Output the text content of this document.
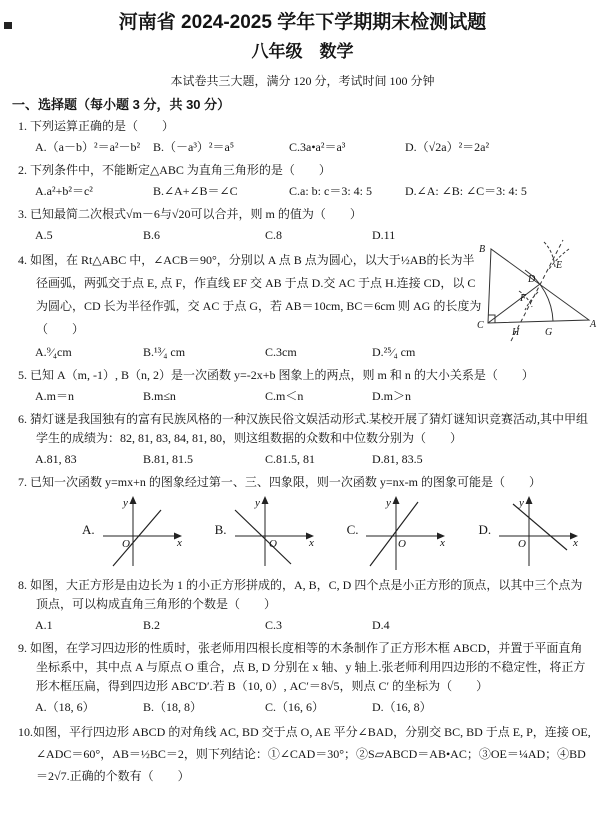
河南省 2024-2025 学年下学期期末检测试题
八年级　数学

本试卷共三大题，满分 120 分，考试时间 100 分钟

一、选择题（每小题 3 分，共 30 分）

1. 下列运算正确的是（　　）

A.（a－b）²＝a²－b²	B.（－a³）²＝a⁵	C.3a•a²＝a³	D.（√2a）²＝2a²

2. 下列条件中，不能断定△ABC 为直角三角形的是（　　）

A.a²+b²＝c²	B.∠A+∠B＝∠C	C.a: b: c＝3: 4: 5	D.∠A: ∠B: ∠C＝3: 4: 5

3. 已知最简二次根式√m－6与√20可以合并，则 m 的值为（　　）

A.5	B.6	C.8	D.11
B
E
D
F
C
H	G
A

4. 如图，在 Rt△ABC 中，∠ACB＝90°，分别以 A 点 B 点为圆心，以大于½AB的长为半径画弧，两弧交于点 E, 点 F，作直线 EF 交 AB 于点 D.交 AC 于点 H.连接 CD，以 C 为圆心，CD 长为半径作弧，交 AC 于点 G，若 AB＝10cm, BC＝6cm 则 AG 的长度为（　　）

A.⁹⁄₄cm	B.¹³⁄₄ cm	C.3cm	D.²⁵⁄₄ cm

5. 已知 A（m, -1）, B（n, 2）是一次函数 y=-2x+b 图象上的两点，则 m 和 n 的大小关系是（　　）

A.m＝n	B.m≤n	C.m＜n	D.m＞n

6. 猜灯谜是我国独有的富有民族风格的一种汉族民俗文娱活动形式.某校开展了猜灯谜知识竞赛活动,其中甲组学生的成绩为：82, 81, 83, 84, 81, 80，则这组数据的众数和中位数分别为（　　）

A.81, 83	B.81, 81.5	C.81.5, 81	D.81, 83.5

7. 已知一次函数 y=mx+n 的图象经过第一、三、四象限，则一次函数 y=nx-m 的图象可能是（　　）

A.
y
x
O
B.
y
x
O
C.
y
x
O
D.
y
x
O

8. 如图，大正方形是由边长为 1 的小正方形拼成的，A, B，C, D 四个点是小正方形的顶点，以其中三个点为顶点，可以构成直角三角形的个数是（　　）

A.1	B.2	C.3	D.4

9. 如图，在学习四边形的性质时，张老师用四根长度相等的木条制作了正方形木框 ABCD，并置于平面直角坐标系中，其中点 A 与原点 O 重合，点 B, D 分别在 x 轴、y 轴上.张老师利用四边形的不稳定性，将正方形木框压扁，得到四边形 ABC′D′.若 B（10, 0）, AC′＝8√5，则点 C′ 的坐标为（　　）

A.（18, 6）	B.（18, 8）	C.（16, 6）	D.（16, 8）

10.如图，平行四边形 ABCD 的对角线 AC, BD 交于点 O, AE 平分∠BAD，分别交 BC, BD 于点 E, P，连接 OE, ∠ADC＝60°，AB＝½BC＝2，则下列结论：①∠CAD＝30°；②S▱ABCD＝AB•AC；③OE＝¼AD；④BD＝2√7.正确的个数有（　　）
